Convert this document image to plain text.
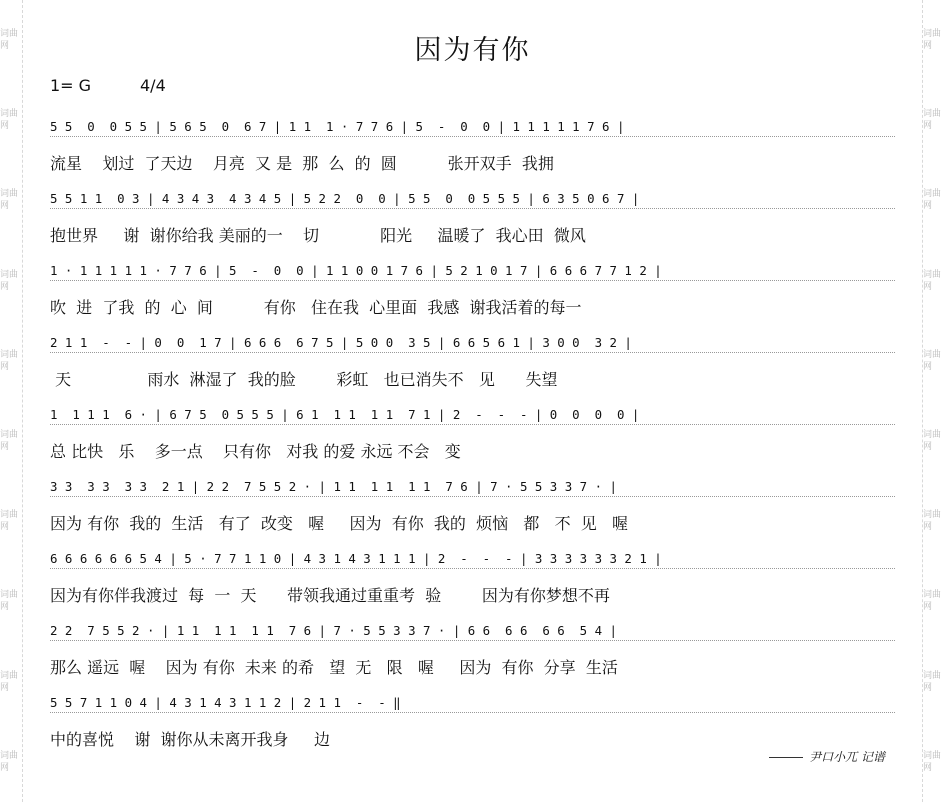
词曲网
词曲网
词曲网
词曲网
词曲网
词曲网
词曲网
词曲网
词曲网
词曲网
词曲网
词曲网
词曲网
词曲网
词曲网
词曲网
词曲网
词曲网
词曲网
词曲网
因为有你
1= G	4/4
5 5  0  0 5 5 | 5 6 5  0  6 7 | 1 1  1 · 7 7 6 | 5  -  0  0 | 1 1 1 1 1 7 6 |
流星    划过  了天边    月亮  又 是  那  么  的  圆          张开双手  我拥
5 5 1 1  0 3 | 4 3 4 3  4 3 4 5 | 5 2 2  0  0 | 5 5  0  0 5 5 5 | 6 3 5 0 6 7 |
抱世界     谢  谢你给我 美丽的一    切            阳光     温暖了  我心田  微风
1 · 1 1 1 1 1 · 7 7 6 | 5  -  0  0 | 1 1 0 0 1 7 6 | 5 2 1 0 1 7 | 6 6 6 7 7 1 2 |
吹  进  了我  的  心  间          有你   住在我  心里面  我感  谢我活着的每一
2 1 1  -  - | 0  0  1 7 | 6 6 6  6 7 5 | 5 0 0  3 5 | 6 6 5 6 1 | 3 0 0  3 2 |
天               雨水  淋湿了  我的脸        彩虹   也已消失不   见      失望
1  1 1 1  6 · | 6 7 5  0 5 5 5 | 6 1  1 1  1 1  7 1 | 2  -  -  - | 0  0  0  0 |
总 比快   乐    多一点    只有你   对我 的爱 永远 不会   变
3 3  3 3  3 3  2 1 | 2 2  7 5 5 2 · | 1 1  1 1  1 1  7 6 | 7 · 5 5 3 3 7 · |
因为 有你  我的  生活   有了  改变   喔     因为  有你  我的  烦恼   都   不  见   喔
6 6 6 6 6 6 5 4 | 5 · 7 7 1 1 0 | 4 3 1 4 3 1 1 1 | 2  -  -  - | 3 3 3 3 3 3 2 1 |
因为有你伴我渡过  每  一  天      带领我通过重重考  验        因为有你梦想不再
2 2  7 5 5 2 · | 1 1  1 1  1 1  7 6 | 7 · 5 5 3 3 7 · | 6 6  6 6  6 6  5 4 |
那么 遥远  喔    因为 有你  未来 的希   望  无   限   喔     因为  有你  分享  生活
5 5 7 1 1 0 4 | 4 3 1 4 3 1 1 2 | 2 1 1  -  - ‖
中的喜悦    谢  谢你从未离开我身     边
尹口小兀 记谱
